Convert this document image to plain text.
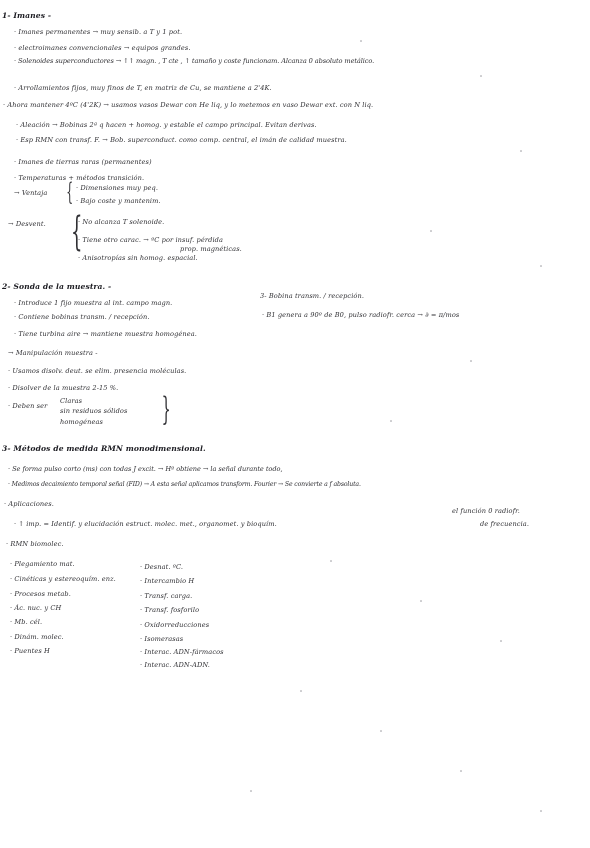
1- Imanes -
· Imanes permanentes → muy sensib. a T y 1 pot.
· electroimanes convencionales → equipos grandes.
· Solenoides superconductores → ↑↑ magn. , T cte , ↑ tamaño y coste funcionam. Alcanza 0 absoluto metálico.
· Arrollamientos fijos, muy finos de T, en matriz de Cu, se mantiene a 2'4K.
· Ahora mantener 4ºC (4'2K) → usamos vasos Dewar con He liq, y lo metemos en vaso Dewar ext. con N liq.
· Aleación → Bobinas 2ª q hacen + homog. y estable el campo principal. Evitan derivas.
· Esp RMN con transf. F. → Bob. superconduct. como comp. central, el imán de calidad muestra.
· Imanes de tierras raras (permanentes)
· Temperaturas + métodos transición.
→ Ventaja { · Dimensiones muy peq.
· Bajo coste y mantenim.
→ Desvent. {
· No alcanza T solenoide.
· Tiene otro carac. → ºC por insuf. pérdida
prop. magnéticas.
· Anisotropías sin homog. espacial.
2- Sonda de la muestra. -
3- Bobina transm. / recepción.
· Introduce 1 fijo muestra al int. campo magn.
· B1 genera a 90º de B0, pulso radiofr. cerca → ∂ = π/mos
· Contiene bobinas transm. / recepción.
· Tiene turbina aire → mantiene muestra homogénea.
→ Manipulación muestra -
· Usamos disolv. deut. se elim. presencia moléculas.
· Disolver de la muestra 2-15 %.
· Deben ser
Claras
sin residuos sólidos
homogéneas {
3- Métodos de medida RMN monodimensional.
· Se forma pulso corto (ms) con todas J excit. → Hº obtiene → la señal durante todo,
· Medimos decaimiento temporal señal (FID) → A esta señal aplicamos transform. Fourier → Se convierte a f absoluta.
· Aplicaciones.
el función 0 radiofr.
de frecuencia.
· ↑ imp. = Identif. y elucidación estruct. molec. met., organomet. y bioquím.
· RMN biomolec.
· Plegamiento mat.
· Cinéticas y estereoquím. enz.
· Procesos metab.
· Ác. nuc. y CH
· Mb. cél.
· Dinám. molec.
· Puentes H
· Desnat. ºC.
· Intercambio H
· Transf. carga.
· Transf. fosforilo
· Oxidorreducciones
· Isomerasas
· Interac. ADN-fármacos
· Interac. ADN-ADN.
